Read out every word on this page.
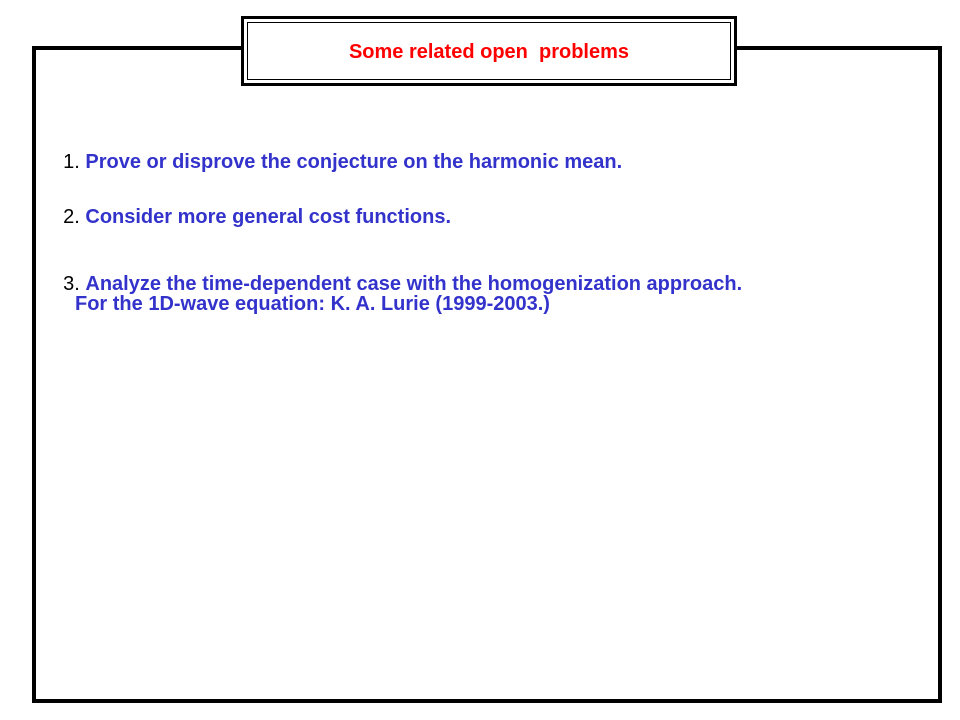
Some related open  problems

1. Prove or disprove the conjecture on the harmonic mean.

2. Consider more general cost functions.

3. Analyze the time-dependent case with the homogenization approach.

For the 1D-wave equation: K. A. Lurie (1999-2003.)
